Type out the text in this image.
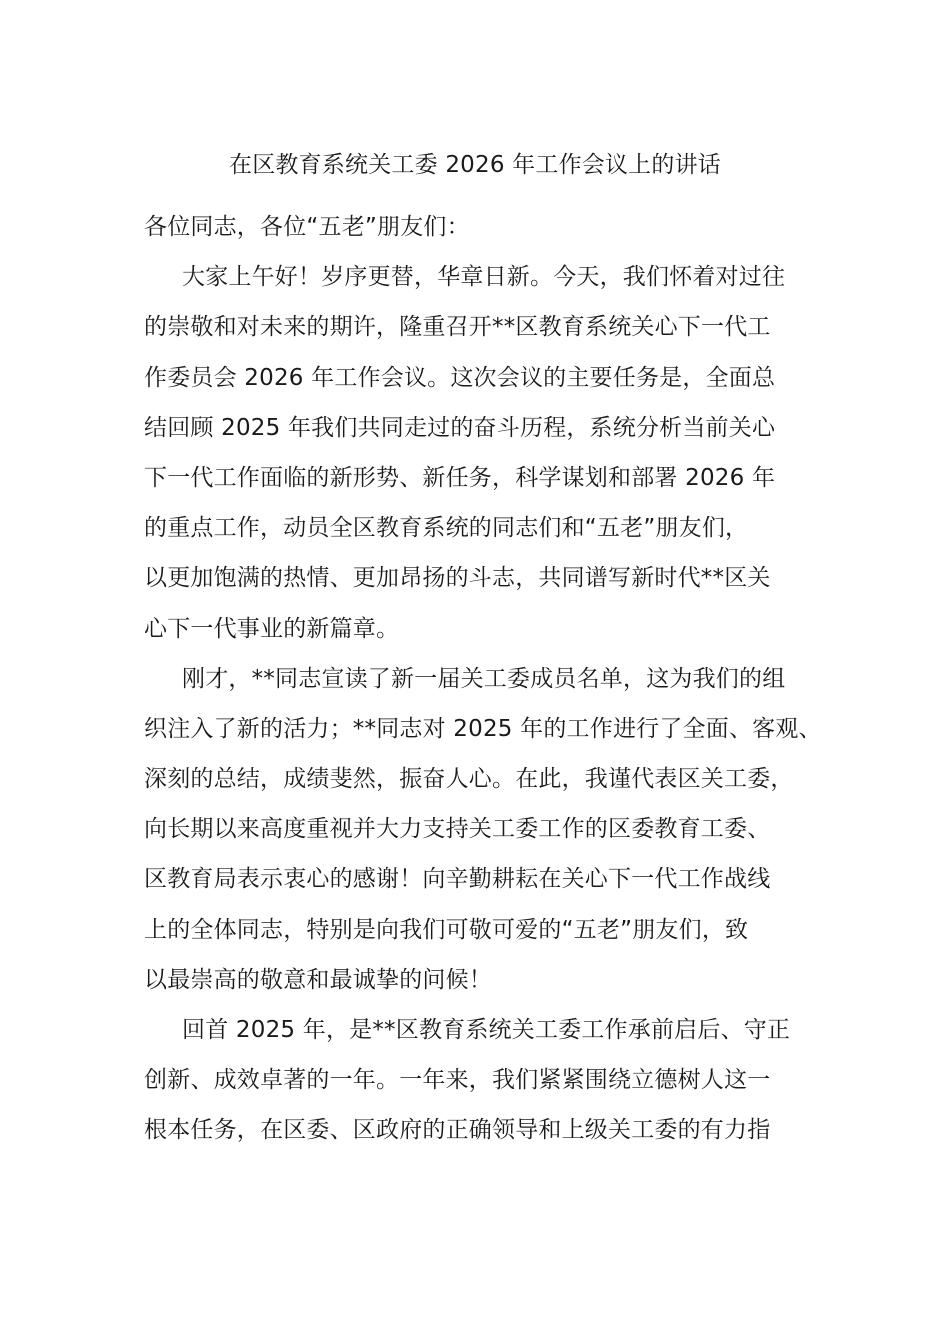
在区教育系统关工委 2026 年工作会议上的讲话
各位同志，各位“五老”朋友们：
大家上午好！岁序更替，华章日新。今天，我们怀着对过往
的崇敬和对未来的期许，隆重召开**区教育系统关心下一代工
作委员会 2026 年工作会议。这次会议的主要任务是，全面总
结回顾 2025 年我们共同走过的奋斗历程，系统分析当前关心
下一代工作面临的新形势、新任务，科学谋划和部署 2026 年
的重点工作，动员全区教育系统的同志们和“五老”朋友们，
以更加饱满的热情、更加昂扬的斗志，共同谱写新时代**区关
心下一代事业的新篇章。
刚才，**同志宣读了新一届关工委成员名单，这为我们的组
织注入了新的活力；**同志对 2025 年的工作进行了全面、客观、
深刻的总结，成绩斐然，振奋人心。在此，我谨代表区关工委，
向长期以来高度重视并大力支持关工委工作的区委教育工委、
区教育局表示衷心的感谢！向辛勤耕耘在关心下一代工作战线
上的全体同志，特别是向我们可敬可爱的“五老”朋友们，致
以最崇高的敬意和最诚挚的问候！
回首 2025 年，是**区教育系统关工委工作承前启后、守正
创新、成效卓著的一年。一年来，我们紧紧围绕立德树人这一
根本任务，在区委、区政府的正确领导和上级关工委的有力指
